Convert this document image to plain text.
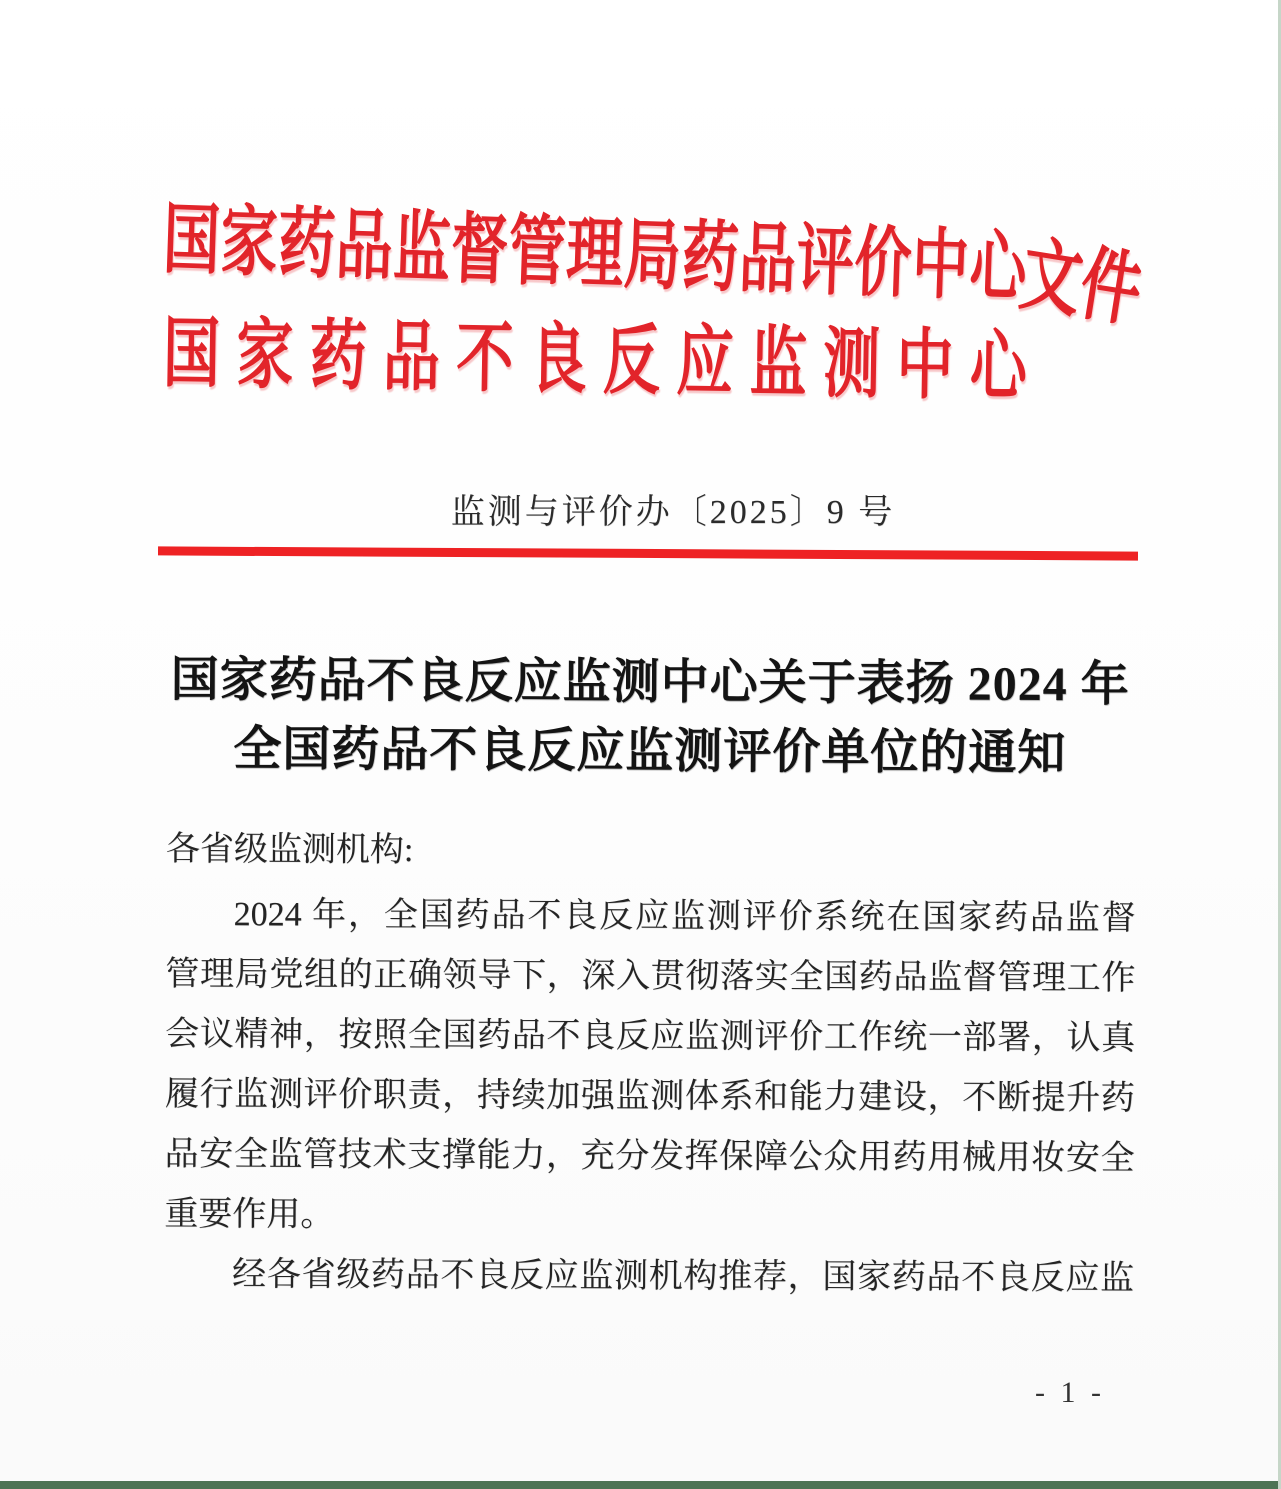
国家药品监督管理局药品评价中心
国家药品不良反应监测中心
文件
监测与评价办〔2025〕9 号
国家药品不良反应监测中心关于表扬 2024 年
全国药品不良反应监测评价单位的通知
各省级监测机构:
2024 年，全国药品不良反应监测评价系统在国家药品监督
管理局党组的正确领导下，深入贯彻落实全国药品监督管理工作
会议精神，按照全国药品不良反应监测评价工作统一部署，认真
履行监测评价职责，持续加强监测体系和能力建设，不断提升药
品安全监管技术支撑能力，充分发挥保障公众用药用械用妆安全
重要作用。
经各省级药品不良反应监测机构推荐，国家药品不良反应监
- 1 -
